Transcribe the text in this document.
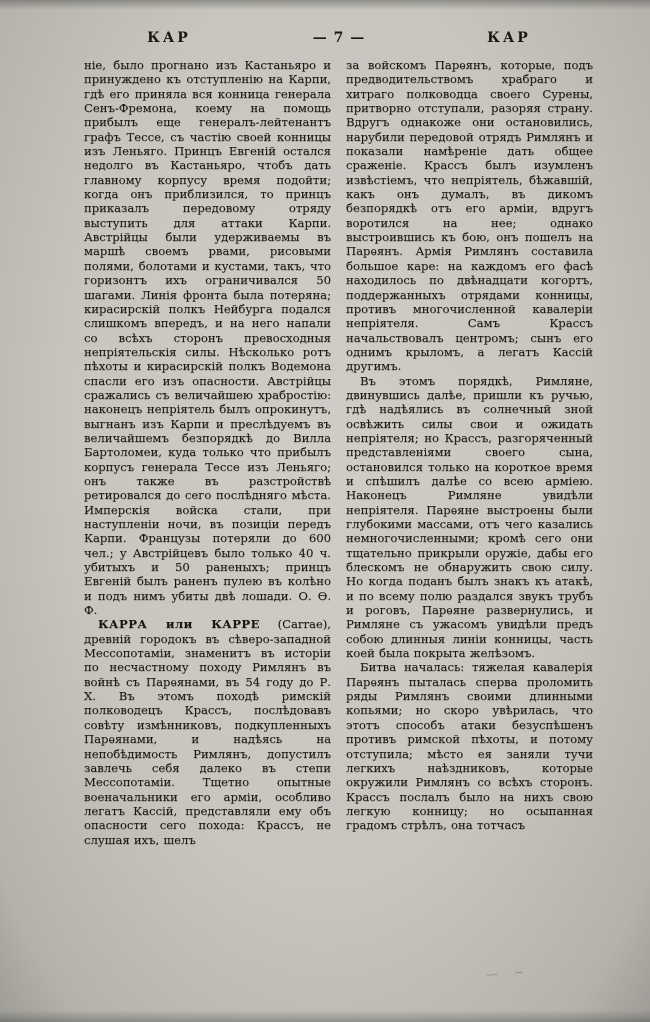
КАР	— 7 —	КАР

ніе, было прогнано изъ Кастаньяро и принуждено къ отступленію на Карпи, гдѣ его приняла вся конница генерала Сенъ-Фремона, коему на помощь прибылъ еще генералъ-лейтенантъ графъ Тессе, съ частію своей конницы изъ Леньяго. Принцъ Евгеній остался недолго въ Кастаньяро, чтобъ дать главному корпусу время подойти; когда онъ приблизился, то принцъ приказалъ передовому отряду выступить для аттаки Карпи. Австрійцы были удерживаемы въ маршѣ своемъ рвами, рисовыми полями, болотами и кустами, такъ, что горизонтъ ихъ ограничивался 50 шагами. Линія фронта была потеряна; кирасирскій полкъ Нейбурга подался слишкомъ впередъ, и на него напали со всѣхъ сторонъ превосходныя непріятельскія силы. Нѣсколько ротъ пѣхоты и кирасирскій полкъ Водемона спасли его изъ опасности. Австрійцы сражались съ величайшею храбростію: наконецъ непріятель былъ опрокинутъ, выгнанъ изъ Карпи и преслѣдуемъ въ величайшемъ безпорядкѣ до Вилла Бартоломеи, куда только что прибылъ корпусъ генерала Тессе изъ Леньяго; онъ также въ разстройствѣ ретировался до сего послѣдняго мѣста. Имперскія войска стали, при наступленіи ночи, въ позиціи передъ Карпи. Французы потеряли до 600 чел.; у Австрійцевъ было только 40 ч. убитыхъ и 50 раненыхъ; принцъ Евгеній былъ раненъ пулею въ колѣно и подъ нимъ убиты двѣ лошади. О. Ѳ. Ф.

КАРРА или КАРРЕ (Carrae), древній городокъ въ сѣверо-западной Мессопотаміи, знаменитъ въ исторіи по несчастному походу Римлянъ въ войнѣ съ Парѳянами, въ 54 году до Р. Х. Въ этомъ походѣ римскій полководецъ Крассъ, послѣдовавъ совѣту измѣнниковъ, подкупленныхъ Парѳянами, и надѣясь на непобѣдимость Римлянъ, допустилъ завлечь себя далеко въ степи Мессопотаміи. Тщетно опытные военачальники его арміи, особливо легатъ Кассій, представляли ему объ опасности сего похода: Крассъ, не слушая ихъ, шелъ

за войскомъ Парѳянъ, которые, подъ предводительствомъ храбраго и хитраго полководца своего Сурены, притворно отступали, разоряя страну. Вдругъ однакоже они остановились, нарубили передовой отрядъ Римлянъ и показали намѣреніе дать общее сраженіе. Крассъ былъ изумленъ извѣстіемъ, что непріятель, бѣжавшій, какъ онъ думалъ, въ дикомъ безпорядкѣ отъ его арміи, вдругъ воротился на нее; однако выстроившись къ бою, онъ пошелъ на Парѳянъ. Армія Римлянъ составила большое каре: на каждомъ его фасѣ находилось по двѣнадцати когортъ, поддержанныхъ отрядами конницы, противъ многочисленной кавалеріи непріятеля. Самъ Крассъ начальствовалъ центромъ; сынъ его однимъ крыломъ, а легатъ Кассій другимъ.

Въ этомъ порядкѣ, Римляне, двинувшись далѣе, пришли къ ручью, гдѣ надѣялись въ солнечный зной освѣжить силы свои и ожидать непріятеля; но Крассъ, разгоряченный представленіями своего сына, остановился только на короткое время и спѣшилъ далѣе со всею арміею. Наконецъ Римляне увидѣли непріятеля. Парѳяне выстроены были глубокими массами, отъ чего казались немногочисленными; кромѣ сего они тщательно прикрыли оружіе, дабы его блескомъ не обнаружить свою силу. Но когда поданъ былъ знакъ къ атакѣ, и по всему полю раздался звукъ трубъ и роговъ, Парѳяне развернулись, и Римляне съ ужасомъ увидѣли предъ собою длинныя линіи конницы, часть коей была покрыта желѣзомъ.

Битва началась: тяжелая кавалерія Парѳянъ пыталась сперва проломить ряды Римлянъ своими длинными копьями; но скоро увѣрилась, что этотъ способъ атаки безуспѣшенъ противъ римской пѣхоты, и потому отступила; мѣсто ея заняли тучи легкихъ наѣздниковъ, которые окружили Римлянъ со всѣхъ сторонъ. Крассъ послалъ было на нихъ свою легкую конницу; но осыпанная градомъ стрѣлъ, она тотчасъ

— ~
